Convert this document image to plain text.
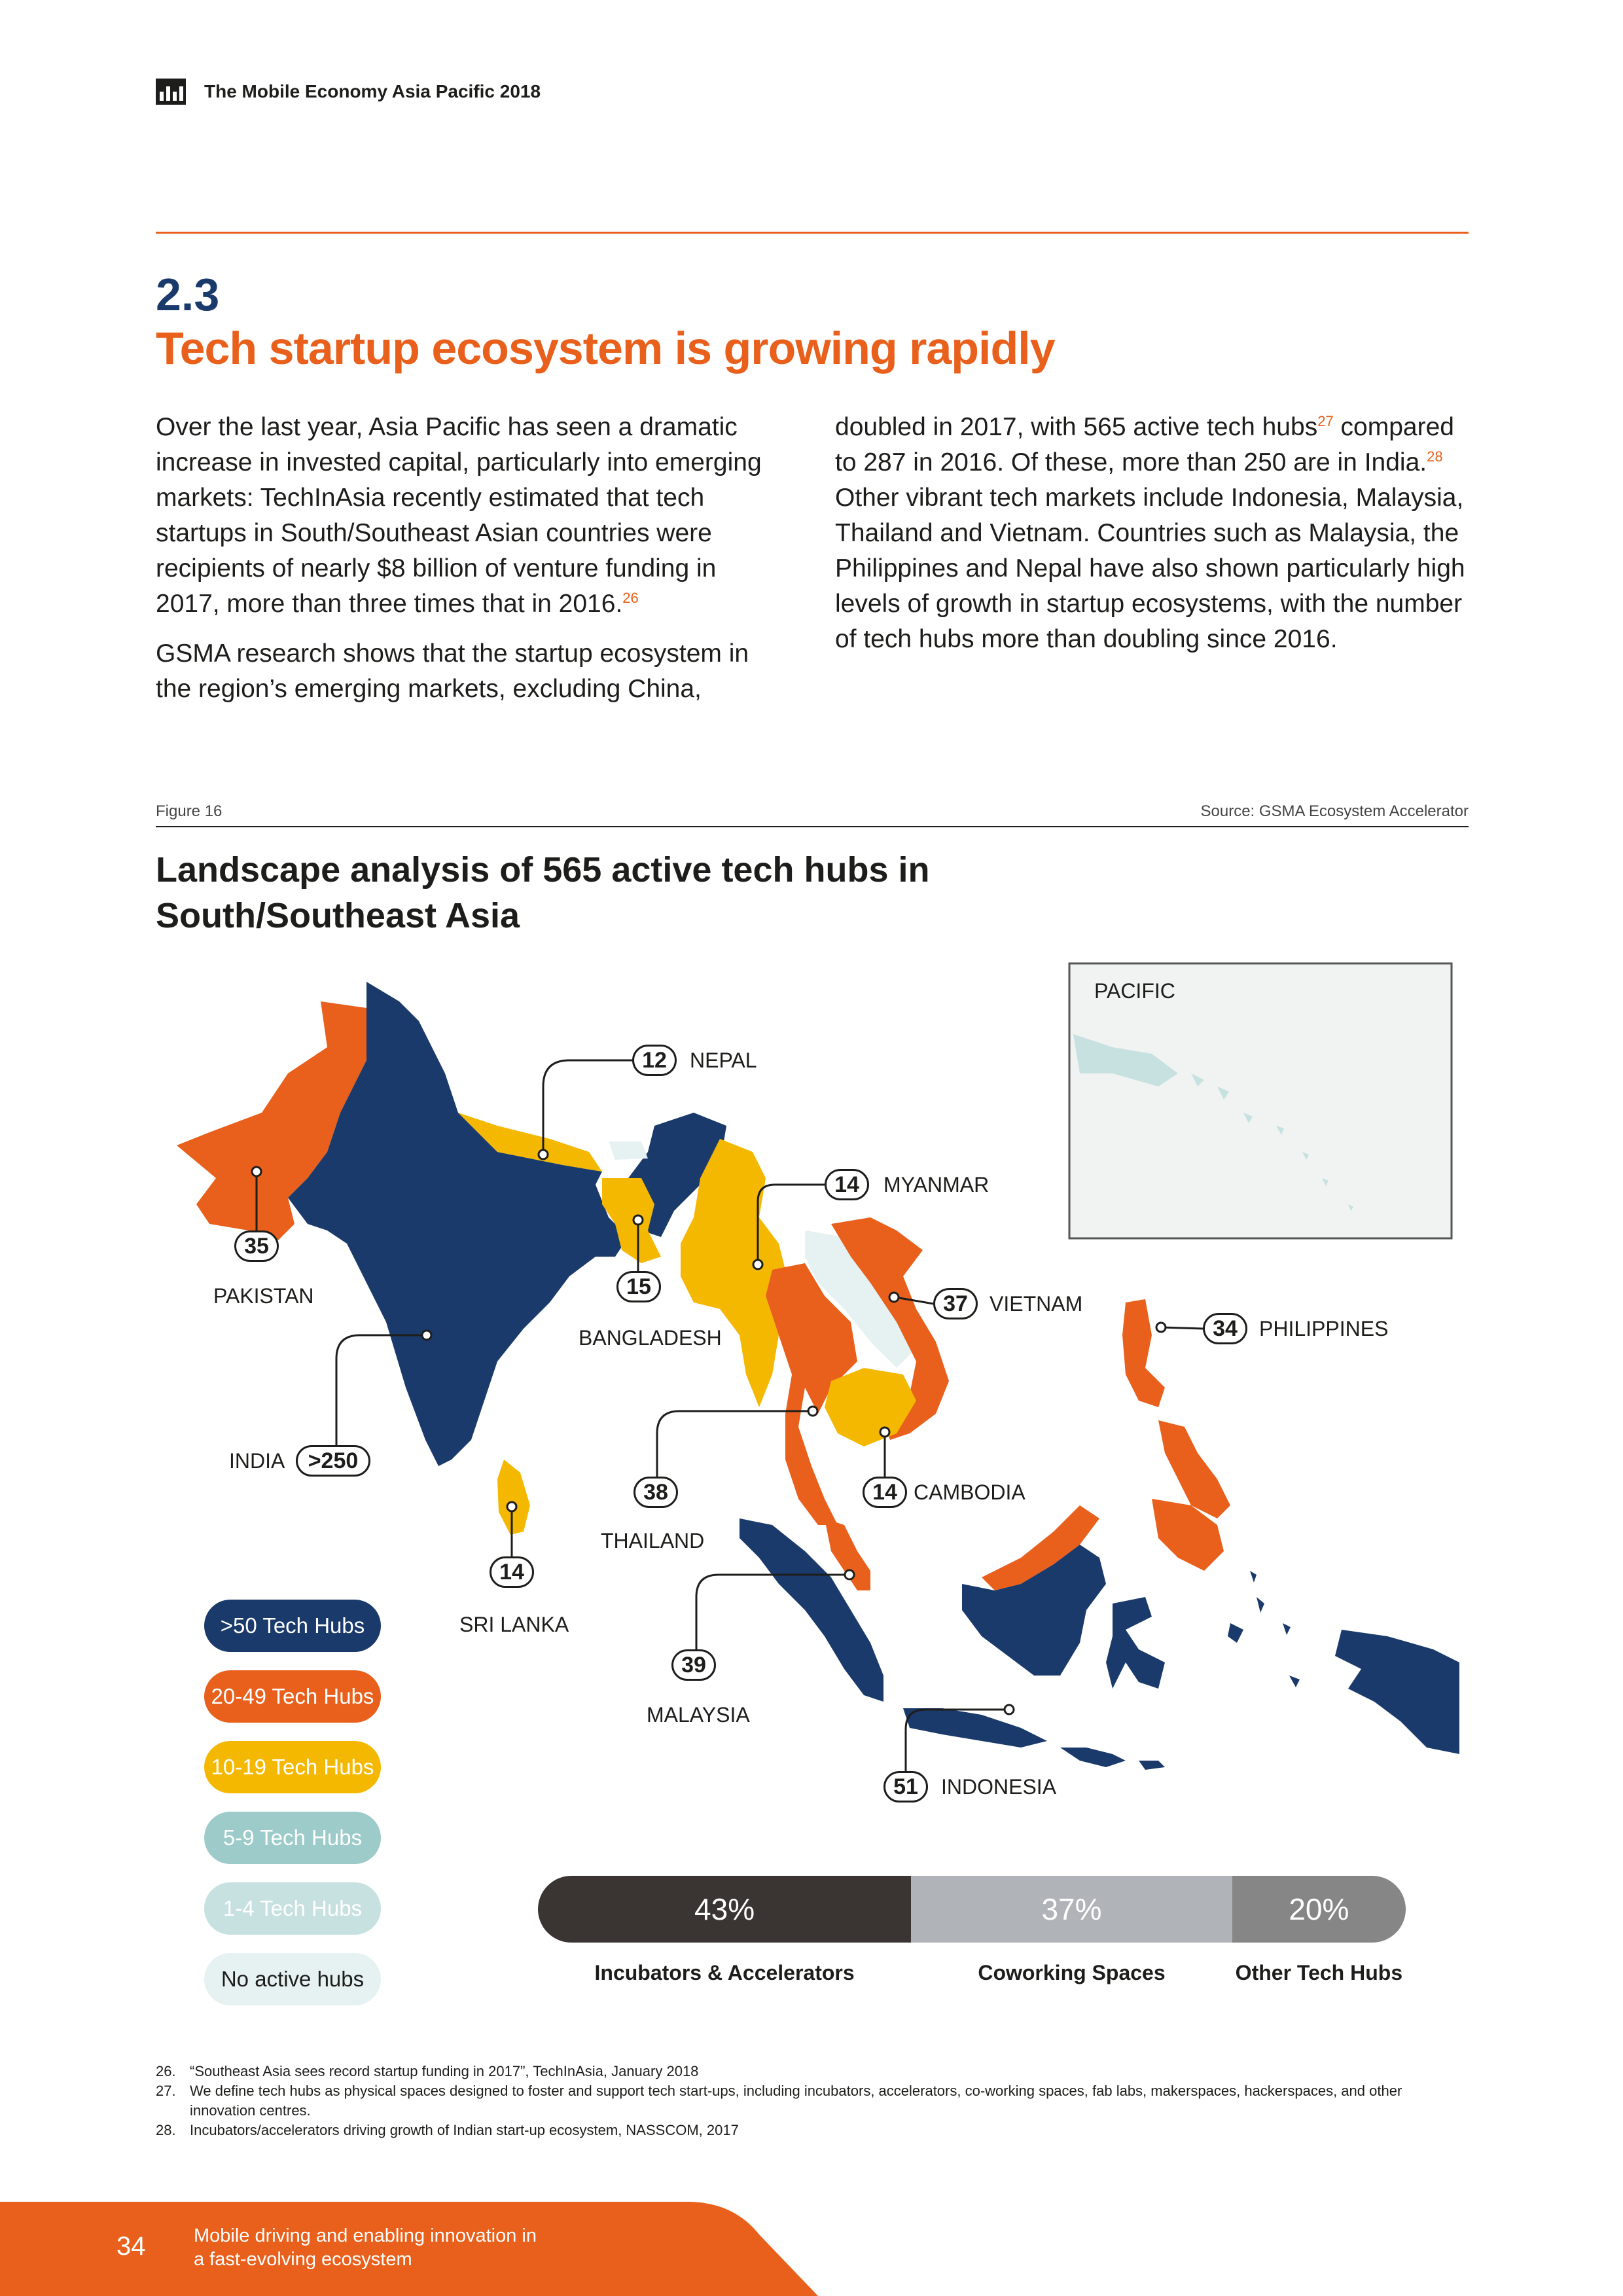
The Mobile Economy Asia Pacific 2018
2.3
Tech startup ecosystem is growing rapidly

Over the last year, Asia Pacific has seen a dramatic increase in invested capital, particularly into emerging markets: TechInAsia recently estimated that tech startups in South/Southeast Asian countries were recipients of nearly $8 billion of venture funding in 2017, more than three times that in 2016.26

GSMA research shows that the startup ecosystem in the region’s emerging markets, excluding China,

doubled in 2017, with 565 active tech hubs$^{27}$ compared to 287 in 2016. Of these, more than 250 are in India.$^{28}$ Other vibrant tech markets include Indonesia, Malaysia, Thailand and Vietnam. Countries such as Malaysia, the Philippines and Nepal have also shown particularly high levels of growth in startup ecosystems, with the number of tech hubs more than doubling since 2016.

Figure 16	Source: GSMA Ecosystem Accelerator
Landscape analysis of 565 active tech hubs in
South/Southeast Asia
PACIFIC
12	NEPAL
14	MYANMAR
35
PAKISTAN	37	VIETNAM
34	PHILIPPINES
15
BANGLADESH
INDIA	>250
38
THAILAND
14 CAMBODIA
14
SRI LANKA
39
MALAYSIA
51	INDONESIA
>50 Tech Hubs
20-49 Tech Hubs
10-19 Tech Hubs
5-9 Tech Hubs
1-4 Tech Hubs
No active hubs
43%	37%	20%
Incubators & Accelerators	Coworking Spaces	Other Tech Hubs
26. “Southeast Asia sees record startup funding in 2017”, TechInAsia, January 2018
27. We define tech hubs as physical spaces designed to foster and support tech start-ups, including incubators, accelerators, co-working spaces, fab labs, makerspaces, hackerspaces, and other innovation centres.
28. Incubators/accelerators driving growth of Indian start-up ecosystem, NASSCOM, 2017
34	Mobile driving and enabling innovation in
a fast-evolving ecosystem
